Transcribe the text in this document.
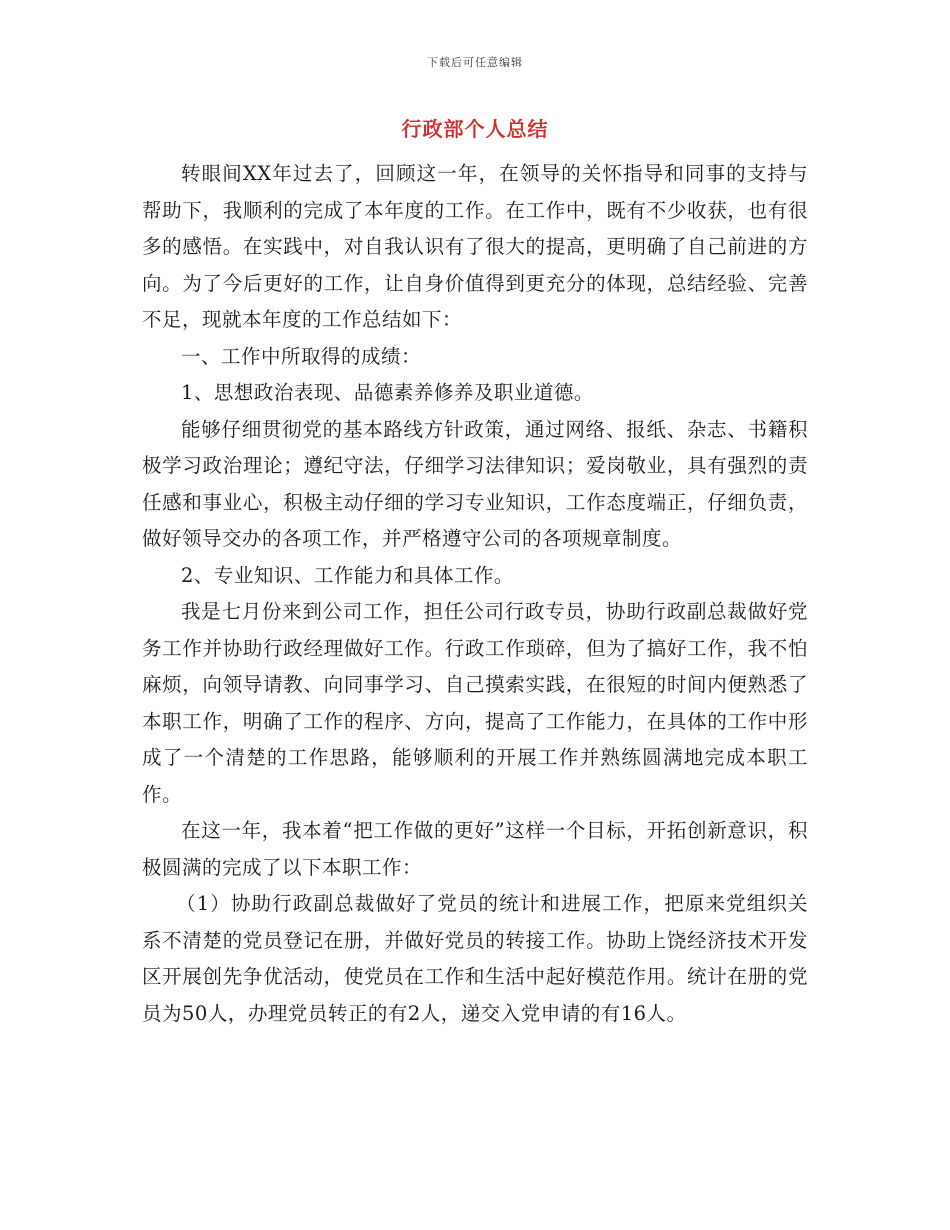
下载后可任意编辑
行政部个人总结

转眼间XX年过去了，回顾这一年，在领导的关怀指导和同事的支持与帮助下，我顺利的完成了本年度的工作。在工作中，既有不少收获，也有很多的感悟。在实践中，对自我认识有了很大的提高，更明确了自己前进的方向。为了今后更好的工作，让自身价值得到更充分的体现，总结经验、完善不足，现就本年度的工作总结如下：

一、工作中所取得的成绩：

1、思想政治表现、品德素养修养及职业道德。

能够仔细贯彻党的基本路线方针政策，通过网络、报纸、杂志、书籍积极学习政治理论；遵纪守法，仔细学习法律知识；爱岗敬业，具有强烈的责任感和事业心，积极主动仔细的学习专业知识，工作态度端正，仔细负责，做好领导交办的各项工作，并严格遵守公司的各项规章制度。

2、专业知识、工作能力和具体工作。

我是七月份来到公司工作，担任公司行政专员，协助行政副总裁做好党务工作并协助行政经理做好工作。行政工作琐碎，但为了搞好工作，我不怕麻烦，向领导请教、向同事学习、自己摸索实践，在很短的时间内便熟悉了本职工作，明确了工作的程序、方向，提高了工作能力，在具体的工作中形成了一个清楚的工作思路，能够顺利的开展工作并熟练圆满地完成本职工作。

在这一年，我本着“把工作做的更好”这样一个目标，开拓创新意识，积极圆满的完成了以下本职工作：

（1）协助行政副总裁做好了党员的统计和进展工作，把原来党组织关系不清楚的党员登记在册，并做好党员的转接工作。协助上饶经济技术开发区开展创先争优活动，使党员在工作和生活中起好模范作用。统计在册的党员为50人，办理党员转正的有2人，递交入党申请的有16人。
